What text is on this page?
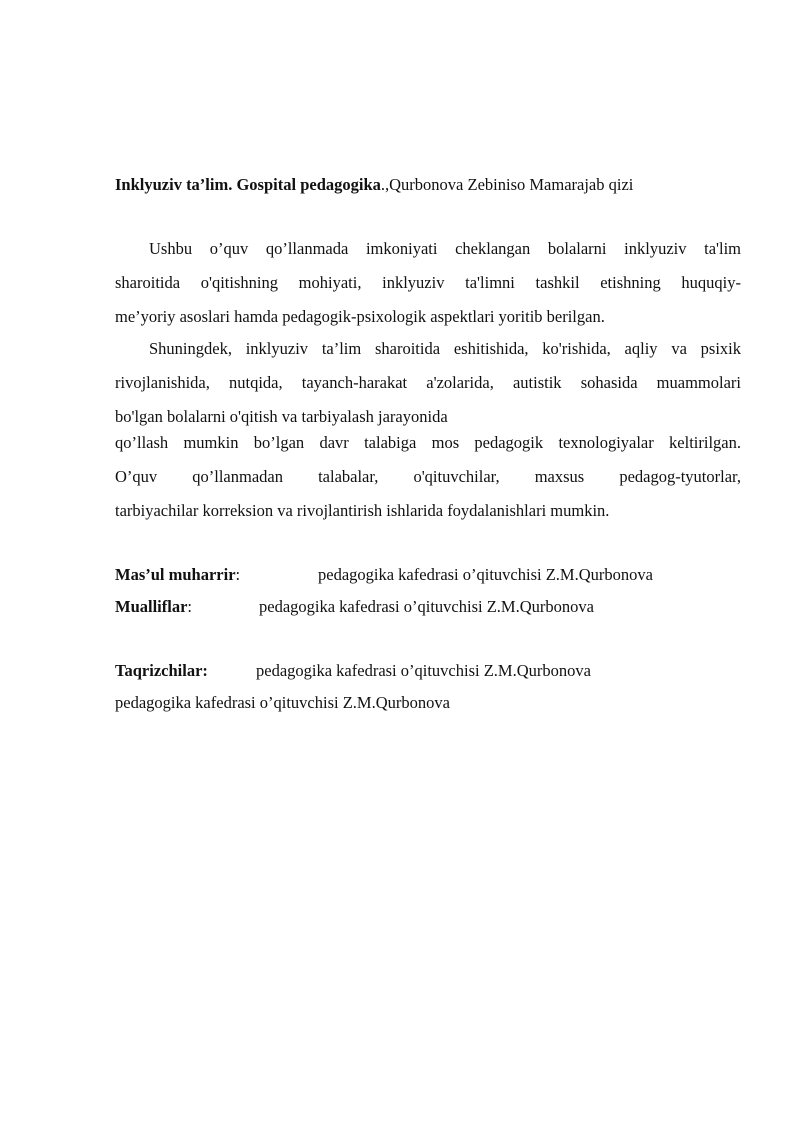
Inklyuziv ta’lim. Gospital pedagogika.,Qurbonova Zebiniso Mamarajab qizi
Ushbu o’quv qo’llanmada imkoniyati cheklangan bolalarni inklyuziv ta'lim
sharoitida o'qitishning mohiyati, inklyuziv ta'limni tashkil etishning huquqiy-
me’yoriy asoslari hamda pedagogik-psixologik aspektlari yoritib berilgan.
Shuningdek, inklyuziv ta’lim sharoitida eshitishida, ko'rishida, aqliy va psixik
rivojlanishida, nutqida, tayanch-harakat a'zolarida, autistik sohasida muammolari
bo'lgan bolalarni o'qitish va tarbiyalash jarayonida
qo’llash mumkin bo’lgan davr talabiga mos pedagogik texnologiyalar keltirilgan.
O’quv qo’llanmadan talabalar, o'qituvchilar, maxsus pedagog-tyutorlar,
tarbiyachilar korreksion va rivojlantirish ishlarida foydalanishlari mumkin.
Mas’ul muharrir:	pedagogika kafedrasi o’qituvchisi Z.M.Qurbonova
Mualliflar:	pedagogika kafedrasi o’qituvchisi Z.M.Qurbonova
Taqrizchilar:	pedagogika kafedrasi o’qituvchisi Z.M.Qurbonova
pedagogika kafedrasi o’qituvchisi Z.M.Qurbonova
